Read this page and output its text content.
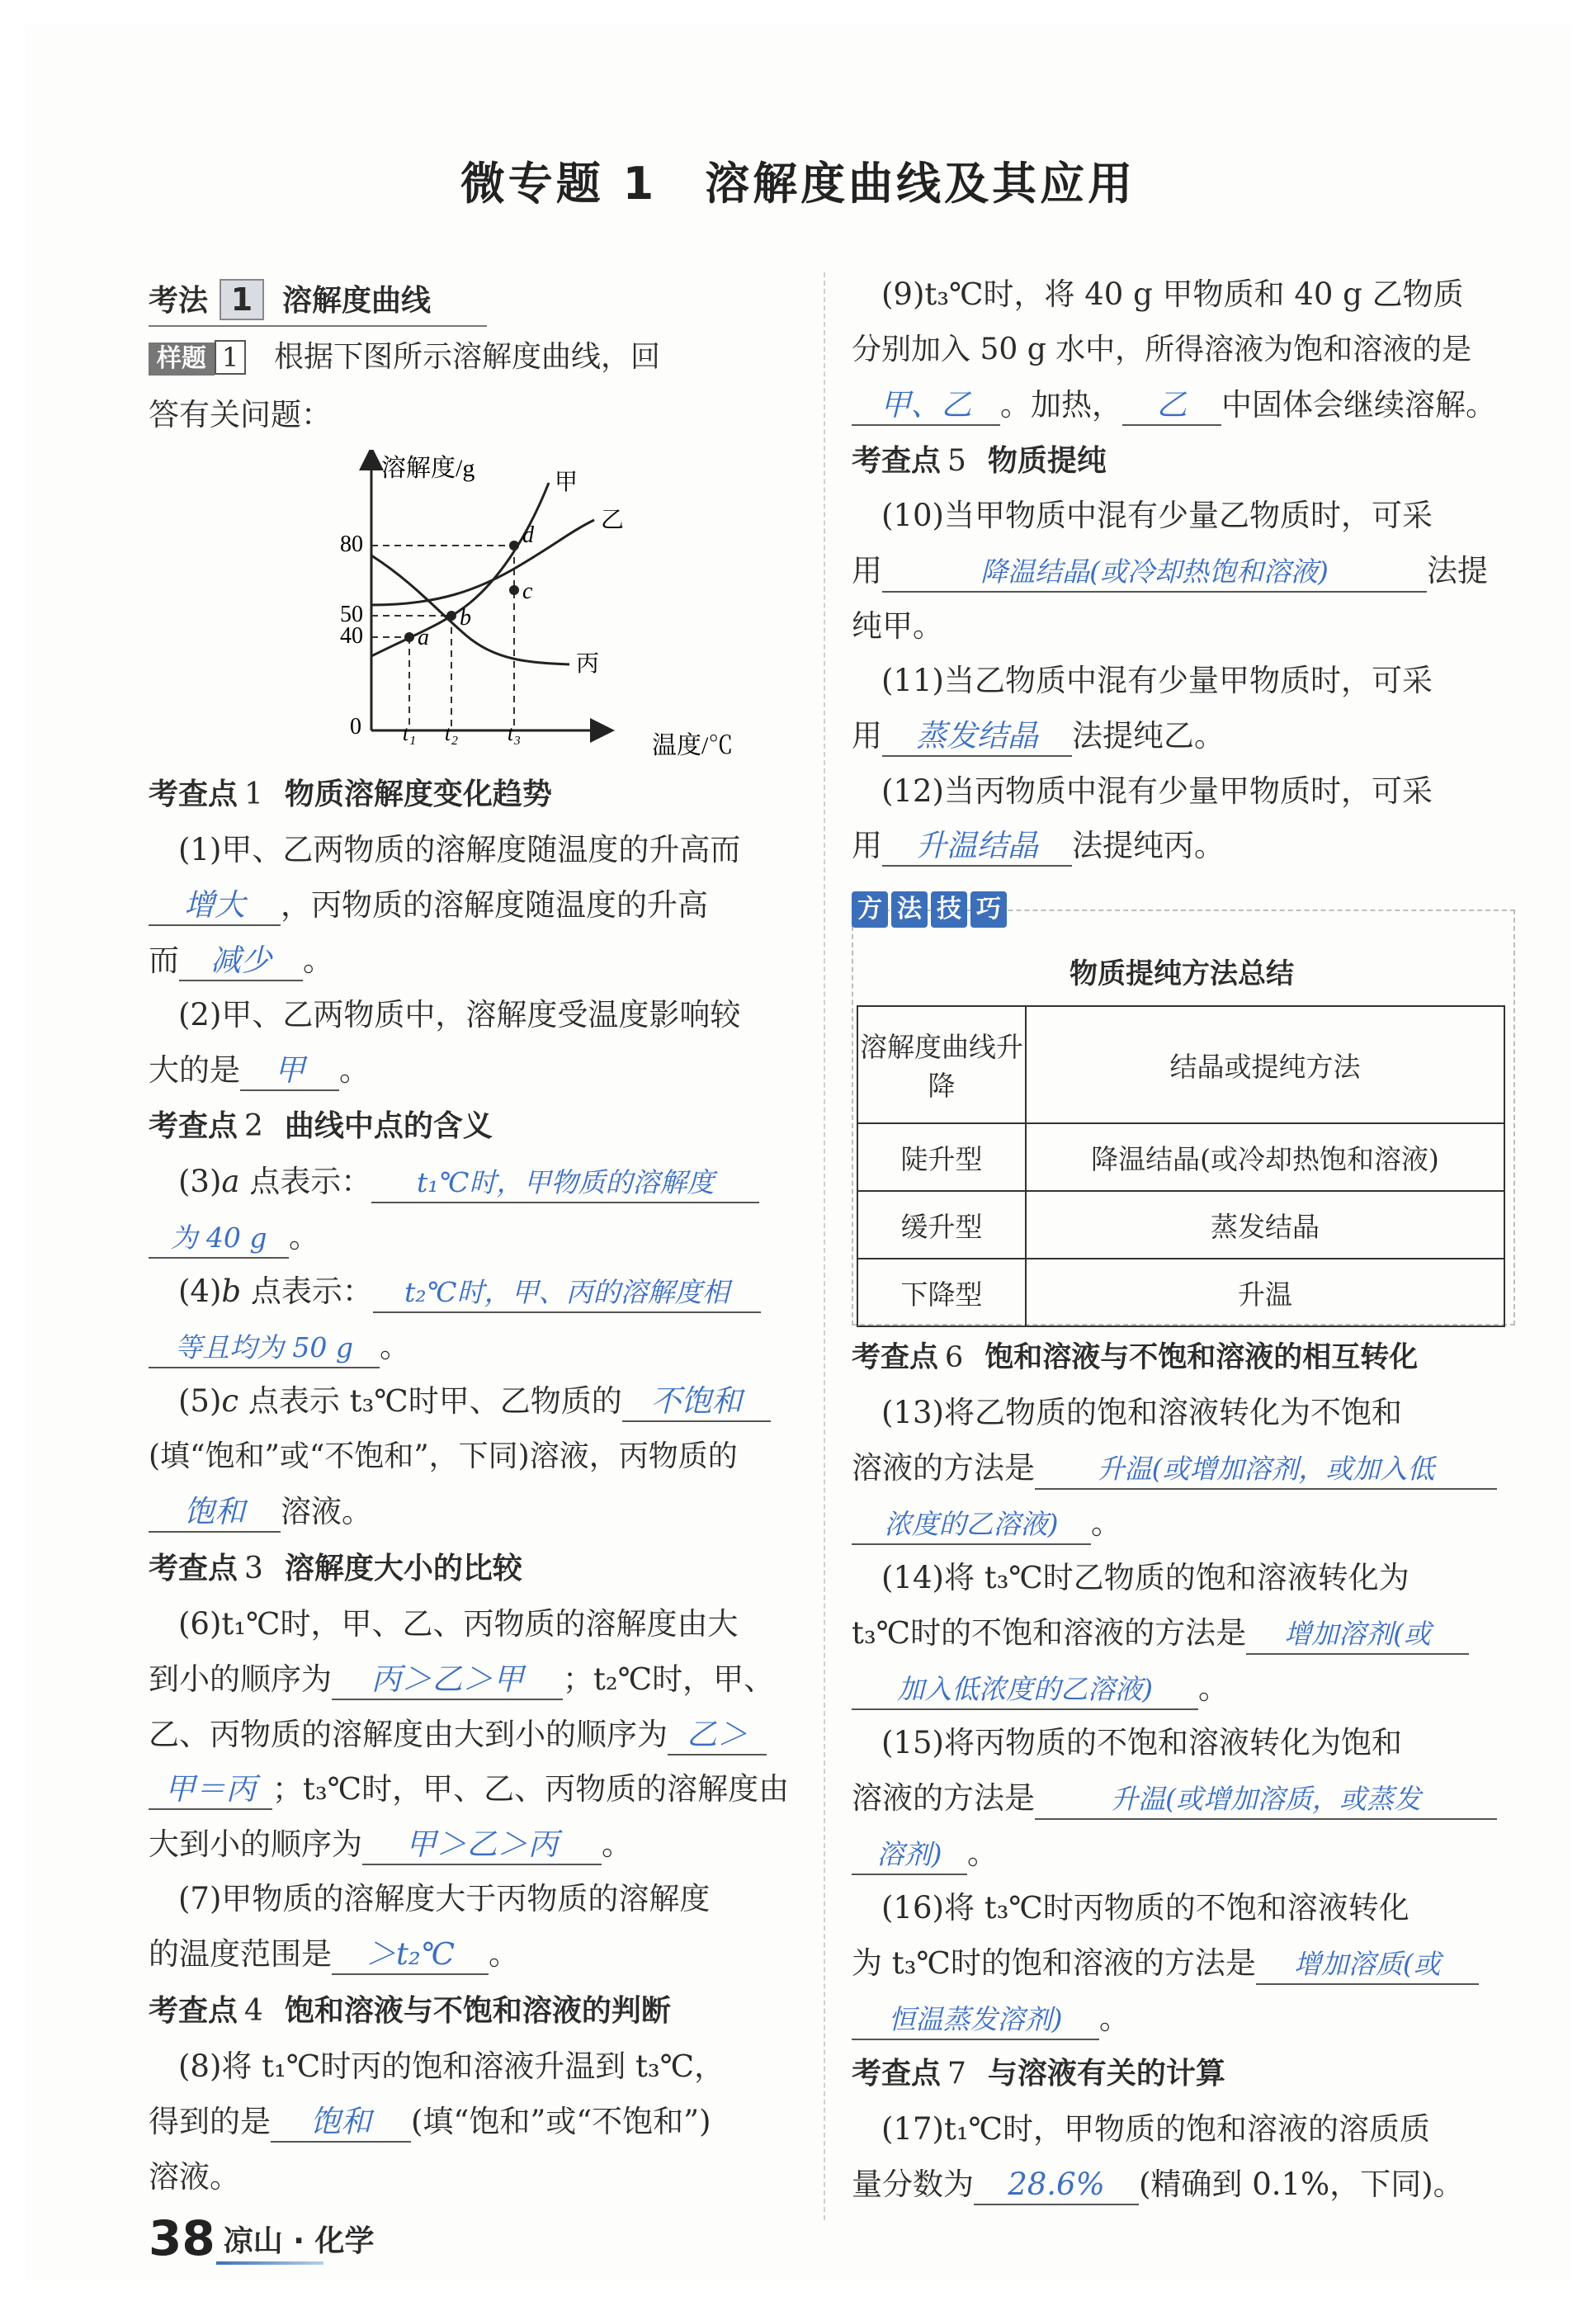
微专题 1　溶解度曲线及其应用
考法 1 溶解度曲线
样题 1 根据下图所示溶解度曲线，回
答有关问题：
溶解度/g
温度/℃
0
80
50
40
t₁ t₂ t₃
甲
乙
丙
a
b
c
d
考查点 1 物质溶解度变化趋势
(1)甲、乙两物质的溶解度随温度的升高而
增大 ，丙物质的溶解度随温度的升高
而 减少 。
(2)甲、乙两物质中，溶解度受温度影响较
大的是 甲 。
考查点 2 曲线中点的含义
(3)a 点表示： t₁℃时，甲物质的溶解度
为 40 g 。
(4)b 点表示： t₂℃时，甲、丙的溶解度相
等且均为 50 g 。
(5)c 点表示 t₃℃时甲、乙物质的 不饱和
(填“饱和”或“不饱和”，下同)溶液，丙物质的
饱和 溶液。
考查点 3 溶解度大小的比较
(6)t₁℃时，甲、乙、丙物质的溶解度由大
到小的顺序为 丙＞乙＞甲 ；t₂℃时，甲、
乙、丙物质的溶解度由大到小的顺序为 乙＞
甲＝丙 ；t₃℃时，甲、乙、丙物质的溶解度由
大到小的顺序为 甲＞乙＞丙 。
(7)甲物质的溶解度大于丙物质的溶解度
的温度范围是 ＞t₂℃ 。
考查点 4 饱和溶液与不饱和溶液的判断
(8)将 t₁℃时丙的饱和溶液升温到 t₃℃，
得到的是 饱和 (填“饱和”或“不饱和”)
溶液。
(9)t₃℃时，将 40 g 甲物质和 40 g 乙物质
分别加入 50 g 水中，所得溶液为饱和溶液的是
甲、乙 。加热， 乙 中固体会继续溶解。
考查点 5 物质提纯
(10)当甲物质中混有少量乙物质时，可采
用	降温结晶(或冷却热饱和溶液)	法提
纯甲。
(11)当乙物质中混有少量甲物质时，可采
用 蒸发结晶 法提纯乙。
(12)当丙物质中混有少量甲物质时，可采
用 升温结晶 法提纯丙。
方 法 技 巧
物质提纯方法总结
溶解度曲线升降	结晶或提纯方法
陡升型	降温结晶(或冷却热饱和溶液)
缓升型	蒸发结晶
下降型	升温
考查点 6 饱和溶液与不饱和溶液的相互转化
(13)将乙物质的饱和溶液转化为不饱和
溶液的方法是 升温(或增加溶剂，或加入低
浓度的乙溶液) 。
(14)将 t₃℃时乙物质的饱和溶液转化为
t₃℃时的不饱和溶液的方法是 增加溶剂(或
加入低浓度的乙溶液) 。
(15)将丙物质的不饱和溶液转化为饱和
溶液的方法是	升温(或增加溶质，或蒸发
溶剂) 。
(16)将 t₃℃时丙物质的不饱和溶液转化
为 t₃℃时的饱和溶液的方法是 增加溶质(或
恒温蒸发溶剂) 。
考查点 7 与溶液有关的计算
(17)t₁℃时，甲物质的饱和溶液的溶质质
量分数为 28.6% (精确到 0.1%，下同)。
38 凉山 · 化学
